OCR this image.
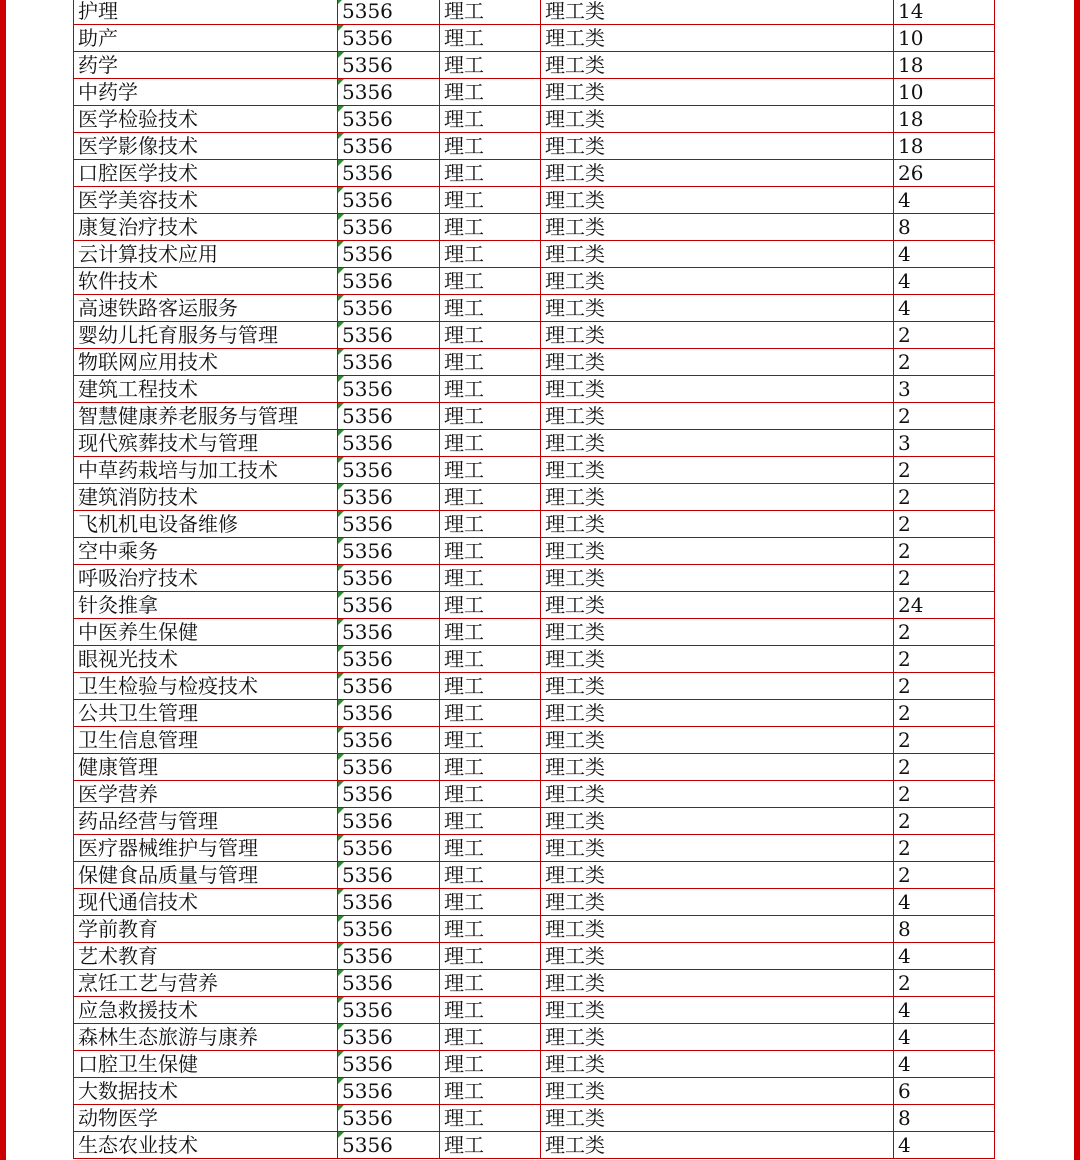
护理	5356	理工	理工类	14
助产	5356	理工	理工类	10
药学	5356	理工	理工类	18
中药学	5356	理工	理工类	10
医学检验技术	5356	理工	理工类	18
医学影像技术	5356	理工	理工类	18
口腔医学技术	5356	理工	理工类	26
医学美容技术	5356	理工	理工类	4
康复治疗技术	5356	理工	理工类	8
云计算技术应用	5356	理工	理工类	4
软件技术	5356	理工	理工类	4
高速铁路客运服务	5356	理工	理工类	4
婴幼儿托育服务与管理	5356	理工	理工类	2
物联网应用技术	5356	理工	理工类	2
建筑工程技术	5356	理工	理工类	3
智慧健康养老服务与管理	5356	理工	理工类	2
现代殡葬技术与管理	5356	理工	理工类	3
中草药栽培与加工技术	5356	理工	理工类	2
建筑消防技术	5356	理工	理工类	2
飞机机电设备维修	5356	理工	理工类	2
空中乘务	5356	理工	理工类	2
呼吸治疗技术	5356	理工	理工类	2
针灸推拿	5356	理工	理工类	24
中医养生保健	5356	理工	理工类	2
眼视光技术	5356	理工	理工类	2
卫生检验与检疫技术	5356	理工	理工类	2
公共卫生管理	5356	理工	理工类	2
卫生信息管理	5356	理工	理工类	2
健康管理	5356	理工	理工类	2
医学营养	5356	理工	理工类	2
药品经营与管理	5356	理工	理工类	2
医疗器械维护与管理	5356	理工	理工类	2
保健食品质量与管理	5356	理工	理工类	2
现代通信技术	5356	理工	理工类	4
学前教育	5356	理工	理工类	8
艺术教育	5356	理工	理工类	4
烹饪工艺与营养	5356	理工	理工类	2
应急救援技术	5356	理工	理工类	4
森林生态旅游与康养	5356	理工	理工类	4
口腔卫生保健	5356	理工	理工类	4
大数据技术	5356	理工	理工类	6
动物医学	5356	理工	理工类	8
生态农业技术	5356	理工	理工类	4
